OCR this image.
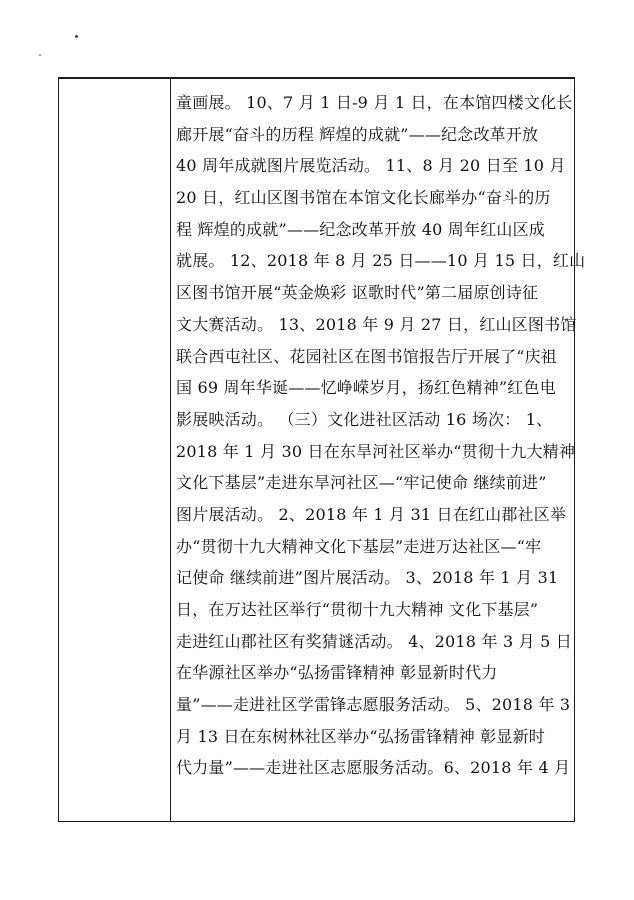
童画展。 10、7 月 1 日-9 月 1 日，在本馆四楼文化长
廊开展“奋斗的历程 辉煌的成就”——纪念改革开放
40 周年成就图片展览活动。 11、8 月 20 日至 10 月
20 日，红山区图书馆在本馆文化长廊举办“奋斗的历
程 辉煌的成就”——纪念改革开放 40 周年红山区成
就展。 12、2018 年 8 月 25 日——10 月 15 日，红山
区图书馆开展“英金焕彩 讴歌时代”第二届原创诗征
文大赛活动。 13、2018 年 9 月 27 日，红山区图书馆
联合西屯社区、花园社区在图书馆报告厅开展了“庆祖
国 69 周年华诞——忆峥嵘岁月，扬红色精神”红色电
影展映活动。 （三）文化进社区活动 16 场次： 1、
2018 年 1 月 30 日在东旱河社区举办“贯彻十九大精神
文化下基层”走进东旱河社区—“牢记使命 继续前进”
图片展活动。 2、2018 年 1 月 31 日在红山郡社区举
办“贯彻十九大精神文化下基层”走进万达社区—“牢
记使命 继续前进”图片展活动。 3、2018 年 1 月 31
日，在万达社区举行“贯彻十九大精神 文化下基层”
走进红山郡社区有奖猜谜活动。 4、2018 年 3 月 5 日
在华源社区举办“弘扬雷锋精神 彰显新时代力
量”——走进社区学雷锋志愿服务活动。 5、2018 年 3
月 13 日在东树林社区举办“弘扬雷锋精神 彰显新时
代力量”——走进社区志愿服务活动。6、2018 年 4 月
